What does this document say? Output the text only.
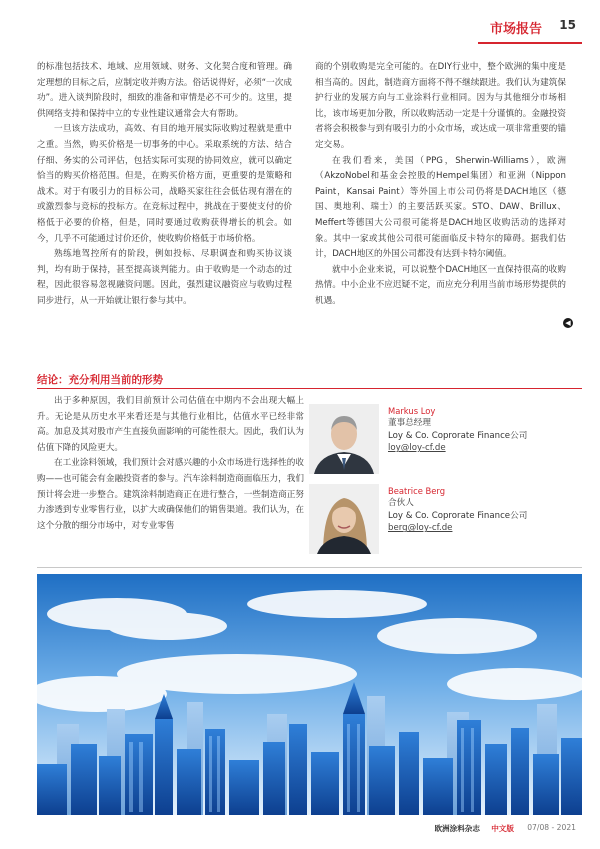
市场报告 15

的标准包括技术、地域、应用领域、财务、文化契合度和管理。确定理想的目标之后，应制定收并购方法。俗话说得好，必须“一次成功”。进入谈判阶段时，细致的准备和审情是必不可少的。这里，提供网络支持和保持中立的专业性建议通常会大有帮助。

一旦该方法成功，高效、有目的地开展实际收购过程就是重中之重。当然，购买价格是一切事务的中心。采取系统的方法、结合仔细、务实的公司评估，包括实际可实现的协同效应，就可以确定恰当的购买价格范围。但是，在购买价格方面，更重要的是策略和战术。对于有吸引力的目标公司，战略买家往往会低估现有潜在的或激烈参与竞标的投标方。在竞标过程中，挑战在于要使支付的价格低于必要的价格，但是，同时要通过收购获得增长的机会。如今，几乎不可能通过讨价还价，使收购价格低于市场价格。

熟练地驾控所有的阶段，例如投标、尽职调查和购买协议谈判，均有助于保持，甚至提高谈判能力。由于收购是一个动态的过程，因此很容易忽视融资问题。因此，强烈建议融资应与收购过程同步进行，从一开始就让银行参与其中。

商的个别收购是完全可能的。在DIY行业中，整个欧洲的集中度是相当高的。因此，制造商方面将不得不继续跟进。我们认为建筑保护行业的发展方向与工业涂料行业相同。因为与其他细分市场相比，该市场更加分散，所以收购活动一定是十分谨慎的。金融投资者将会积极参与到有吸引力的小众市场，或达成一项非常重要的锚定交易。

在我们看来，美国（PPG，Sherwin-Williams），欧洲（AkzoNobel和基金会控股的Hempel集团）和亚洲（Nippon Paint，Kansai Paint）等外国上市公司仍将是DACH地区（德国、奥地利、瑞士）的主要活跃买家。STO、DAW、Brillux、Meffert等德国大公司很可能将是DACH地区收购活动的选择对象。其中一家或其他公司很可能面临反卡特尔的障碍。据我们估计，DACH地区的外国公司都没有达到卡特尔阈值。

就中小企业来说，可以说整个DACH地区一直保持很高的收购热情。中小企业不应迟疑不定，而应充分利用当前市场形势提供的机遇。

◀
结论：充分利用当前的形势

出于多种原因，我们目前预计公司估值在中期内不会出现大幅上升。无论是从历史水平来看还是与其他行业相比，估值水平已经非常高。加息及其对股市产生直接负面影响的可能性很大。因此，我们认为估值下降的风险更大。

在工业涂料领域，我们预计会对感兴趣的小众市场进行选择性的收购——也可能会有金融投资者的参与。汽车涂料制造商面临压力，我们预计将会进一步整合。建筑涂料制造商正在进行整合，一些制造商正努力渗透到专业零售行业，以扩大或确保他们的销售渠道。我们认为，在这个分散的细分市场中，对专业零售

Markus Loy
董事总经理
Loy & Co. Coprorate Finance公司
loy@loy-cf.de
Beatrice Berg
合伙人
Loy & Co. Coprorate Finance公司
berg@loy-cf.de
欧洲涂料杂志 中文版 07/08 - 2021
